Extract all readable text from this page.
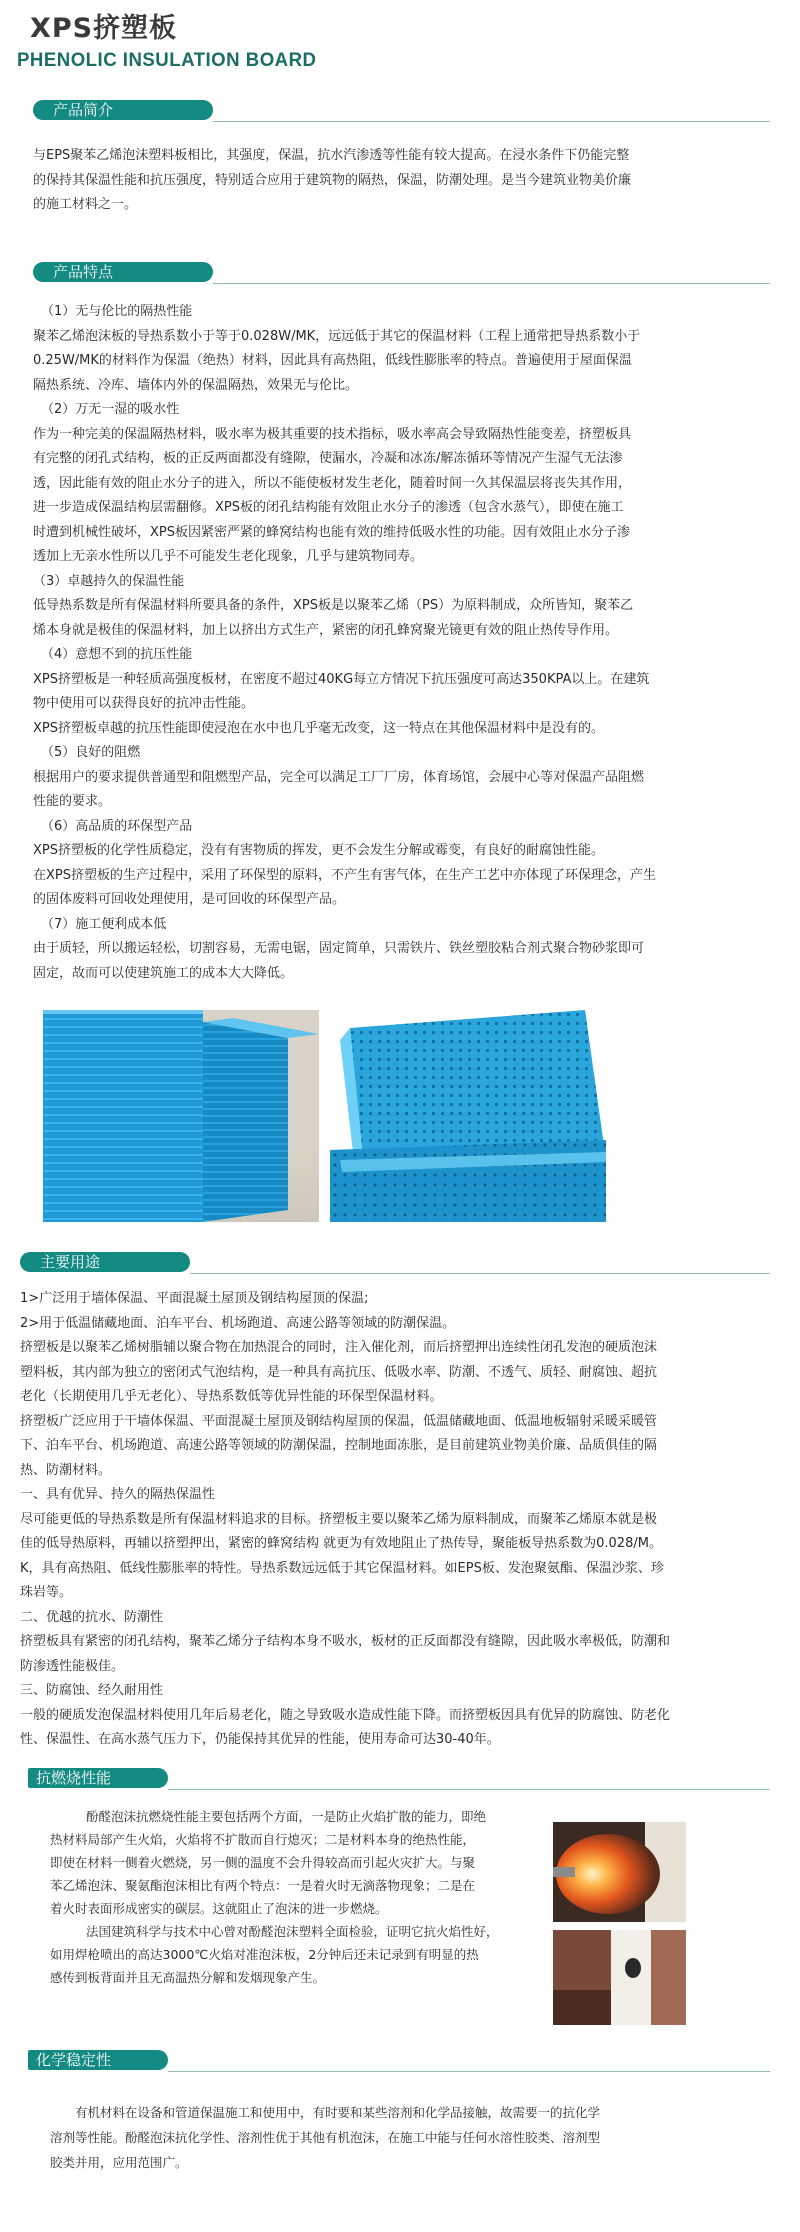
XPS挤塑板
PHENOLIC INSULATION BOARD
产品简介
与EPS聚苯乙烯泡沫塑料板相比，其强度，保温，抗水汽渗透等性能有较大提高。在浸水条件下仍能完整
的保持其保温性能和抗压强度，特别适合应用于建筑物的隔热，保温，防潮处理。是当今建筑业物美价廉
的施工材料之一。
产品特点
（1）无与伦比的隔热性能
聚苯乙烯泡沫板的导热系数小于等于0.028W/MK，远远低于其它的保温材料（工程上通常把导热系数小于
0.25W/MK的材料作为保温（绝热）材料，因此具有高热阻，低线性膨胀率的特点。普遍使用于屋面保温
隔热系统、冷库、墙体内外的保温隔热，效果无与伦比。
（2）万无一湿的吸水性
作为一种完美的保温隔热材料，吸水率为极其重要的技术指标，吸水率高会导致隔热性能变差，挤塑板具
有完整的闭孔式结构，板的正反两面都没有缝隙，使漏水，冷凝和冰冻/解冻循环等情况产生湿气无法渗
透，因此能有效的阻止水分子的进入，所以不能使板材发生老化，随着时间一久其保温层将丧失其作用，
进一步造成保温结构层需翻修。XPS板的闭孔结构能有效阻止水分子的渗透（包含水蒸气），即使在施工
时遭到机械性破坏，XPS板因紧密严紧的蜂窝结构也能有效的维持低吸水性的功能。因有效阻止水分子渗
透加上无亲水性所以几乎不可能发生老化现象，几乎与建筑物同寿。
（3）卓越持久的保温性能
低导热系数是所有保温材料所要具备的条件，XPS板是以聚苯乙烯（PS）为原料制成，众所皆知，聚苯乙
烯本身就是极佳的保温材料，加上以挤出方式生产，紧密的闭孔蜂窝聚光镜更有效的阻止热传导作用。
（4）意想不到的抗压性能
XPS挤塑板是一种轻质高强度板材，在密度不超过40KG每立方情况下抗压强度可高达350KPA以上。在建筑
物中使用可以获得良好的抗冲击性能。
XPS挤塑板卓越的抗压性能即使浸泡在水中也几乎毫无改变，这一特点在其他保温材料中是没有的。
（5）良好的阻燃
根据用户的要求提供普通型和阻燃型产品，完全可以满足工厂厂房，体育场馆，会展中心等对保温产品阻燃
性能的要求。
（6）高品质的环保型产品
XPS挤塑板的化学性质稳定，没有有害物质的挥发，更不会发生分解或霉变，有良好的耐腐蚀性能。
在XPS挤塑板的生产过程中，采用了环保型的原料，不产生有害气体，在生产工艺中亦体现了环保理念，产生
的固体废料可回收处理使用，是可回收的环保型产品。
（7）施工便利成本低
由于质轻，所以搬运轻松，切割容易，无需电锯，固定简单，只需铁片、铁丝塑胶粘合剂式聚合物砂浆即可
固定，故而可以使建筑施工的成本大大降低。
主要用途
1>广泛用于墙体保温、平面混凝土屋顶及钢结构屋顶的保温;
2>用于低温储藏地面、泊车平台、机场跑道、高速公路等领域的防潮保温。
挤塑板是以聚苯乙烯树脂辅以聚合物在加热混合的同时，注入催化剂，而后挤塑押出连续性闭孔发泡的硬质泡沫
塑料板，其内部为独立的密闭式气泡结构，是一种具有高抗压、低吸水率、防潮、不透气、质轻、耐腐蚀、超抗
老化（长期使用几乎无老化）、导热系数低等优异性能的环保型保温材料。
挤塑板广泛应用于干墙体保温、平面混凝土屋顶及钢结构屋顶的保温，低温储藏地面、低温地板辐射采暖采暖管
下、泊车平台、机场跑道、高速公路等领域的防潮保温，控制地面冻胀，是目前建筑业物美价廉、品质俱佳的隔
热、防潮材料。
一、具有优异、持久的隔热保温性
尽可能更低的导热系数是所有保温材料追求的目标。挤塑板主要以聚苯乙烯为原料制成，而聚苯乙烯原本就是极
佳的低导热原料，再辅以挤塑押出，紧密的蜂窝结构 就更为有效地阻止了热传导，聚能板导热系数为0.028/M。
K，具有高热阻、低线性膨胀率的特性。导热系数远远低于其它保温材料。如EPS板、发泡聚氨酯、保温沙浆、珍
珠岩等。
二、优越的抗水、防潮性
挤塑板具有紧密的闭孔结构，聚苯乙烯分子结构本身不吸水，板材的正反面都没有缝隙，因此吸水率极低，防潮和
防渗透性能极佳。
三、防腐蚀、经久耐用性
一般的硬质发泡保温材料使用几年后易老化，随之导致吸水造成性能下降。而挤塑板因具有优异的防腐蚀、防老化
性、保温性、在高水蒸气压力下，仍能保持其优异的性能，使用寿命可达30-40年。
抗燃烧性能
酚醛泡沫抗燃烧性能主要包括两个方面，一是防止火焰扩散的能力，即绝
热材料局部产生火焰，火焰将不扩散而自行熄灭；二是材料本身的绝热性能，
即使在材料一侧着火燃烧，另一侧的温度不会升得较高而引起火灾扩大。与聚
苯乙烯泡沫、聚氨酯泡沫相比有两个特点：一是着火时无滴落物现象；二是在
着火时表面形成密实的碳层。这就阻止了泡沫的进一步燃烧。
法国建筑科学与技术中心曾对酚醛泡沫塑料全面检验，证明它抗火焰性好，
如用焊枪喷出的高达3000℃火焰对准泡沫板，2分钟后还未记录到有明显的热
感传到板背面并且无高温热分解和发烟现象产生。
化学稳定性
有机材料在设备和管道保温施工和使用中，有时要和某些溶剂和化学品接触，故需要一的抗化学
溶剂等性能。酚醛泡沫抗化学性、溶剂性优于其他有机泡沫，在施工中能与任何水溶性胶类、溶剂型
胶类并用，应用范围广。
